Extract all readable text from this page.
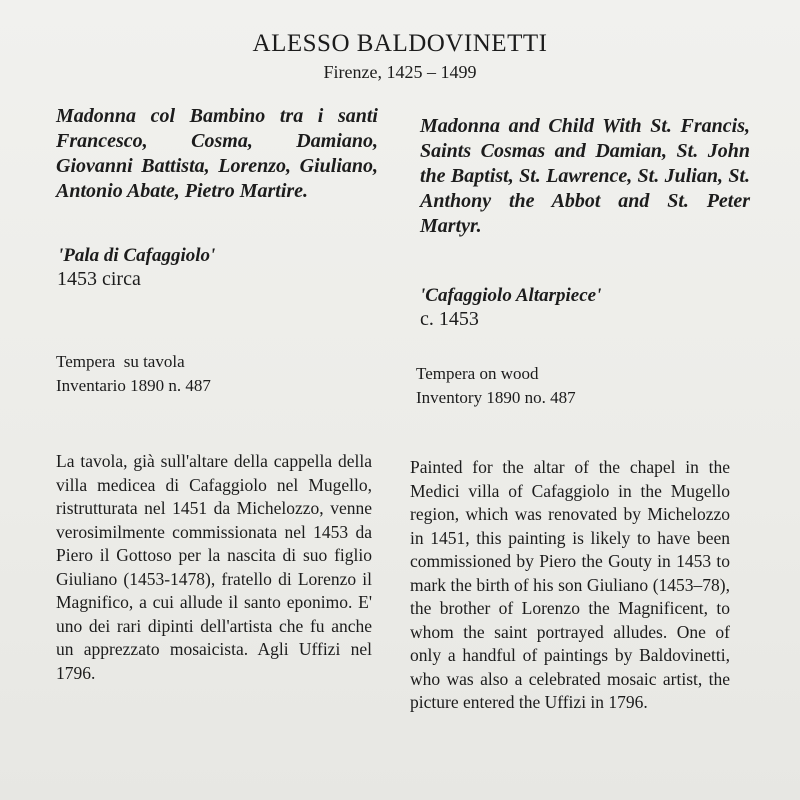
ALESSO BALDOVINETTI
Firenze, 1425 – 1499

Madonna col Bambino tra i santi Francesco, Cosma, Damiano, Giovanni Battista, Lorenzo, Giuliano, Antonio Abate, Pietro Martire.

'Pala di Cafaggiolo'
1453 circa
Tempera  su tavola
Inventario 1890 n. 487

La tavola, già sull'altare della cappella della villa medicea di Cafaggiolo nel Mugello, ristrutturata nel 1451 da Michelozzo, venne verosimilmente commissionata nel 1453 da Piero il Gottoso per la nascita di suo figlio Giuliano (1453-1478), fratello di Lorenzo il Magnifico, a cui allude il santo eponimo. E' uno dei rari dipinti dell'artista che fu anche un apprezzato mosaicista. Agli Uffizi nel 1796.

Madonna and Child With St. Francis, Saints Cosmas and Damian, St. John the Baptist, St. Lawrence, St. Julian, St. Anthony the Abbot and St. Peter Martyr.

'Cafaggiolo Altarpiece'
c. 1453
Tempera on wood
Inventory 1890 no. 487

Painted for the altar of the chapel in the Medici villa of Cafaggiolo in the Mugello region, which was renovated by Michelozzo in 1451, this painting is likely to have been commissioned by Piero the Gouty in 1453 to mark the birth of his son Giuliano (1453–78), the brother of Lorenzo the Magnificent, to whom the saint portrayed alludes. One of only a handful of paintings by Baldovinetti, who was also a celebrated mosaic artist, the picture entered the Uffizi in 1796.
